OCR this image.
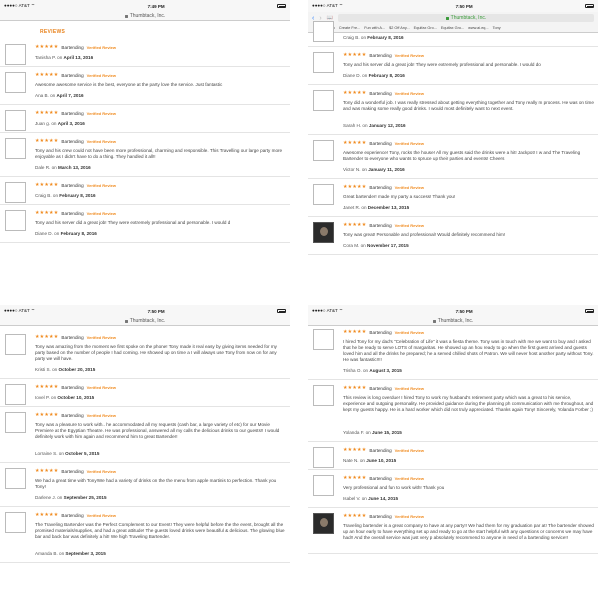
●●●●○ AT&T ⌔	7:49 PM
Thumbtack, Inc.
REVIEWS
★★★★★ Bartending Verified Review
Tanisha P. on April 13, 2016
★★★★★ Bartending Verified Review
Awesome awesome service is the best, everyone at the party love the service. Just fantastic
Ana B. on April 7, 2016
★★★★★ Bartending Verified Review
Juan g. on April 3, 2016
★★★★★ Bartending Verified Review
Tony and his crew could not have been more professional, charming and responsible. This Travelling our large party more enjoyable as I didn't have to do a thing. They handled it all!!
Dale R. on March 13, 2016
★★★★★ Bartending Verified Review
Craig B. on February 8, 2016
★★★★★ Bartending Verified Review
Tony and his server did a great job! They were extremely professional and personable. I would d
Diane D. on February 8, 2016
●●●●○ AT&T ⌔	7:50 PM
‹ › 📖	Thumbtack, Inc.
Create Fre... Fun with A... $2 Off Any... Equifax Gro... Equifax Gro... www.ai.eq... Tony
Craig B. on February 8, 2016
★★★★★ Bartending Verified Review
Tony and his server did a great job! They were extremely professional and personable. I would do
Diane D. on February 8, 2016
★★★★★ Bartending Verified Review
Tony did a wonderful job. I was really stressed about getting everything together and Tony really m process. He was on time and was making some really good drinks. I would most definitely want to next event.
Sarah H. on January 12, 2016
★★★★★ Bartending Verified Review
Awesome experience! Tony, rocks the house! All my guests said the drinks were a hit! Jackpot! I w and The Traveling Bartender to everyone who wants to spruce up their parties and events! Cheers
Victor N. on January 11, 2016
★★★★★ Bartending Verified Review
Great bartender! made my party a success! Thank you!
Janet R. on December 13, 2015
★★★★★ Bartending Verified Review
Tony was great! Personable and professional! Would definitely recommend him!
Cora M. on November 17, 2015
●●●●○ AT&T ⌔	7:50 PM
Thumbtack, Inc.
★★★★★ Bartending Verified Review
Tony was amazing from the moment we first spoke on the phone! Tony made it real easy by giving items needed for my party based on the number of people I had coming. He showed up on time a I will always use Tony from now on for any party we will have.
Kristi S. on October 20, 2015
★★★★★ Bartending Verified Review
Iovel P. on October 10, 2015
★★★★★ Bartending Verified Review
Tony was a pleasure to work with.. he accommodated all my requests (cash bar, a large variety of etc) for our Movie Premiere at the Egyptian Theatre. He was professional, answered all my calls the delicious drinks to our guests!! I would definitely work with him again and recommend him to great Bartender!
Lorraine S. on October 5, 2015
★★★★★ Bartending Verified Review
We had a great time with Tony!We had a variety of drinks on the the menu from apple martinis to perfection. Thank you Tony!
Darlene J. on September 25, 2015
★★★★★ Bartending Verified Review
The Traveling Bartender was the Perfect Complement to our Event! They were helpful before the the event, brought all the promised materials/supplies, and had a great attitude! The guests loved drinks were beautiful & delicious. The glowing blue bar and back bar was definitely a hit! We high Traveling Bartender.
Amanda B. on September 3, 2015
●●●●○ AT&T ⌔	7:50 PM
Thumbtack, Inc.
★★★★★ Bartending Verified Review
I hired Tony for my dad's "Celebration of Life" it was a fiesta theme. Tony was in touch with me we want to buy and I asked that he be ready to serve LOTS of margaritas. He showed up an hou ready to go when the first guest arrived and guests loved him and all the drinks he prepared; he a served chilled shots of Patron. We will never host another party without Tony. He was fantastic!!!!
Trisha O. on August 3, 2015
★★★★★ Bartending Verified Review
This review is long overdue! I hired Tony to work my husband's retirement party which was a great to his service, experience and outgoing personality. He provided guidance during the planning ph communication with me throughout, and kept my guests happy. He is a hard worker which did not truly appreciated. Thanks again Tony! Sincerely, Yolanda Forber ;)
Yolanda F. on June 15, 2015
★★★★★ Bartending Verified Review
Nate N. on June 10, 2015
★★★★★ Bartending Verified Review
Very professional and fun to work with! Thank you
Isabel V. on June 14, 2015
★★★★★ Bartending Verified Review
Traveling bartender is a great company to have at any party!! We had them for my graduation par at! The bartender showed up an hour early to have everything set up and ready to go at the start helpful with any questions or concerns we may have had!! And the overall service was just very p absolutely recommend to anyone in need of a bartending service!!
